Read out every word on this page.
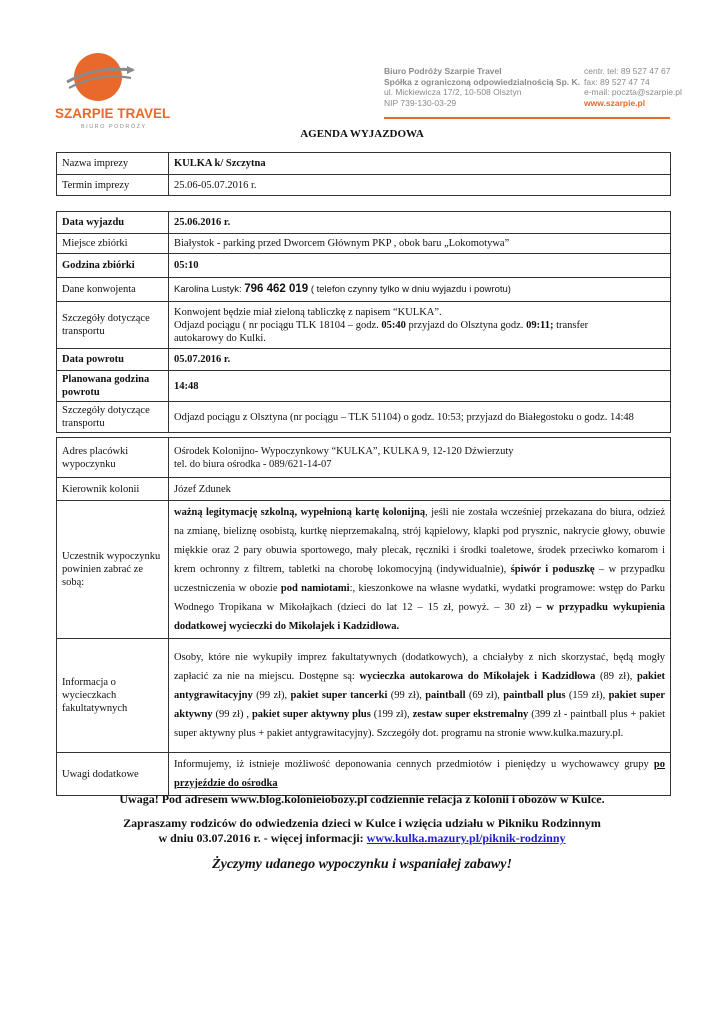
SZARPIE TRAVEL
BIURO PODRÓŻY
Biuro Podróży Szarpie Travel
Spółka z ograniczoną odpowiedzialnością Sp. K.
ul. Mickiewicza 17/2, 10-508 Olsztyn
NIP 739-130-03-29
centr. tel: 89 527 47 67
fax: 89 527 47 74
e-mail: poczta@szarpie.pl
www.szarpie.pl
AGENDA WYJAZDOWA
Nazwa imprezy	KULKA k/ Szczytna
Termin imprezy	25.06-05.07.2016 r.
Data wyjazdu	25.06.2016 r.
Miejsce zbiórki	Białystok - parking przed Dworcem Głównym PKP , obok baru „Lokomotywa”
Godzina zbiórki	05:10
Dane konwojenta	Karolina Lustyk: 796 462 019 ( telefon czynny tylko w dniu wyjazdu i powrotu)
Szczegóły dotyczące transportu	Konwojent będzie miał zieloną tabliczkę z napisem “KULKA”.
Odjazd pociągu ( nr pociągu TLK 18104 – godz. 05:40 przyjazd do Olsztyna godz. 09:11; transfer
autokarowy do Kulki.

Data powrotu	05.07.2016 r.
Planowana godzina powrotu	14:48
Szczegóły dotyczące transportu	Odjazd pociągu z Olsztyna (nr pociągu – TLK 51104) o godz. 10:53; przyjazd do Białegostoku o godz. 14:48
Adres placówki wypoczynku	Ośrodek Kolonijno- Wypoczynkowy “KULKA”, KULKA 9, 12-120 Dźwierzuty
tel. do biura ośrodka - 089/621-14-07

Kierownik kolonii	Józef Zdunek
Uczestnik wypoczynku powinien zabrać ze sobą:	ważną legitymację szkolną, wypełnioną kartę kolonijną, jeśli nie została wcześniej przekazana do biura, odzież na zmianę, bieliznę osobistą, kurtkę nieprzemakalną, strój kąpielowy, klapki pod prysznic, nakrycie głowy, obuwie miękkie oraz 2 pary obuwia sportowego, mały plecak, ręczniki i środki toaletowe, środek przeciwko komarom i krem ochronny z filtrem, tabletki na chorobę lokomocyjną (indywidualnie), śpiwór i poduszkę – w przypadku uczestniczenia w obozie pod namiotami:, kieszonkowe na własne wydatki, wydatki programowe: wstęp do Parku Wodnego Tropikana w Mikołajkach (dzieci do lat 12 – 15 zł, powyż. – 30 zł) – w przypadku wykupienia dodatkowej wycieczki do Mikołajek i Kadzidłowa.
Informacja o wycieczkach fakultatywnych	Osoby, które nie wykupiły imprez fakultatywnych (dodatkowych), a chciałyby z nich skorzystać, będą mogły zapłacić za nie na miejscu. Dostępne są: wycieczka autokarowa do Mikołajek i Kadzidłowa (89 zł), pakiet antygrawitacyjny (99 zł), pakiet super tancerki (99 zł), paintball (69 zł), paintball plus (159 zł), pakiet super aktywny (99 zł) , pakiet super aktywny plus (199 zł), zestaw super ekstremalny (399 zł - paintball plus + pakiet super aktywny plus + pakiet antygrawitacyjny). Szczegóły dot. programu na stronie www.kulka.mazury.pl.
Uwagi dodatkowe	Informujemy, iż istnieje możliwość deponowania cennych przedmiotów i pieniędzy u wychowawcy grupy po przyjeździe do ośrodka
Uwaga! Pod adresem www.blog.kolonieiobozy.pl codziennie relacja z kolonii i obozów w Kulce.
Zapraszamy rodziców do odwiedzenia dzieci w Kulce i wzięcia udziału w Pikniku Rodzinnym
w dniu 03.07.2016 r. - więcej informacji: www.kulka.mazury.pl/piknik-rodzinny
Życzymy udanego wypoczynku i wspaniałej zabawy!
